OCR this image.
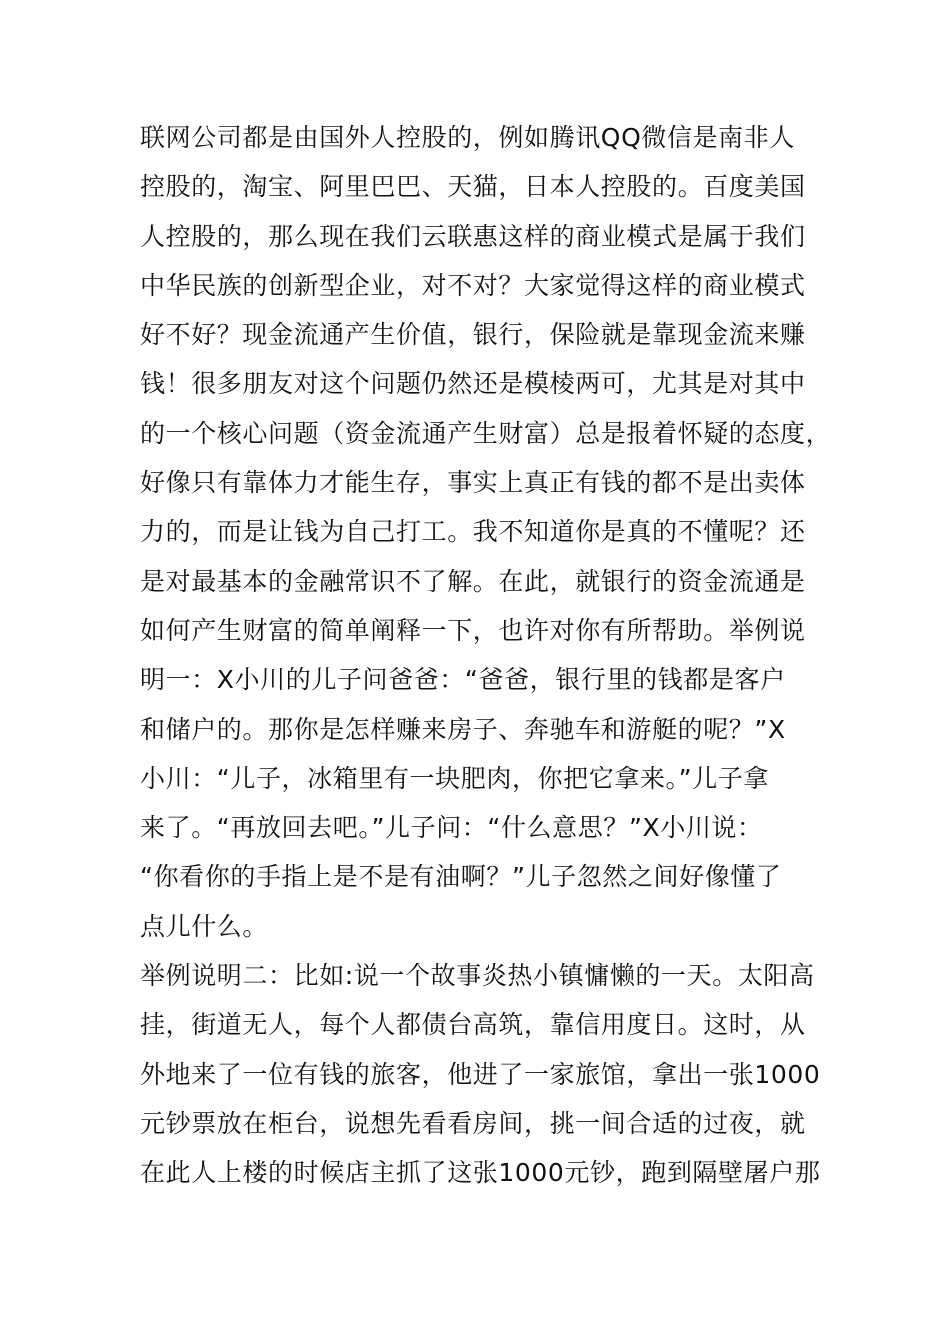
联网公司都是由国外人控股的，例如腾讯QQ微信是南非人
控股的，淘宝、阿里巴巴、天猫，日本人控股的。百度美国
人控股的，那么现在我们云联惠这样的商业模式是属于我们
中华民族的创新型企业，对不对？大家觉得这样的商业模式
好不好？现金流通产生价值，银行，保险就是靠现金流来赚
钱！很多朋友对这个问题仍然还是模棱两可，尤其是对其中
的一个核心问题（资金流通产生财富）总是报着怀疑的态度，
好像只有靠体力才能生存，事实上真正有钱的都不是出卖体
力的，而是让钱为自己打工。我不知道你是真的不懂呢？还
是对最基本的金融常识不了解。在此，就银行的资金流通是
如何产生财富的简单阐释一下，也许对你有所帮助。举例说
明一：X小川的儿子问爸爸：“爸爸，银行里的钱都是客户
和储户的。那你是怎样赚来房子、奔驰车和游艇的呢？”X
小川：“儿子，冰箱里有一块肥肉，你把它拿来。”儿子拿
来了。“再放回去吧。”儿子问：“什么意思？”X小川说：
“你看你的手指上是不是有油啊？”儿子忽然之间好像懂了
点儿什么。
举例说明二：比如:说一个故事炎热小镇慵懒的一天。太阳高
挂，街道无人，每个人都债台高筑，靠信用度日。这时，从
外地来了一位有钱的旅客，他进了一家旅馆，拿出一张1000
元钞票放在柜台，说想先看看房间，挑一间合适的过夜，就
在此人上楼的时候店主抓了这张1000元钞，跑到隔壁屠户那
